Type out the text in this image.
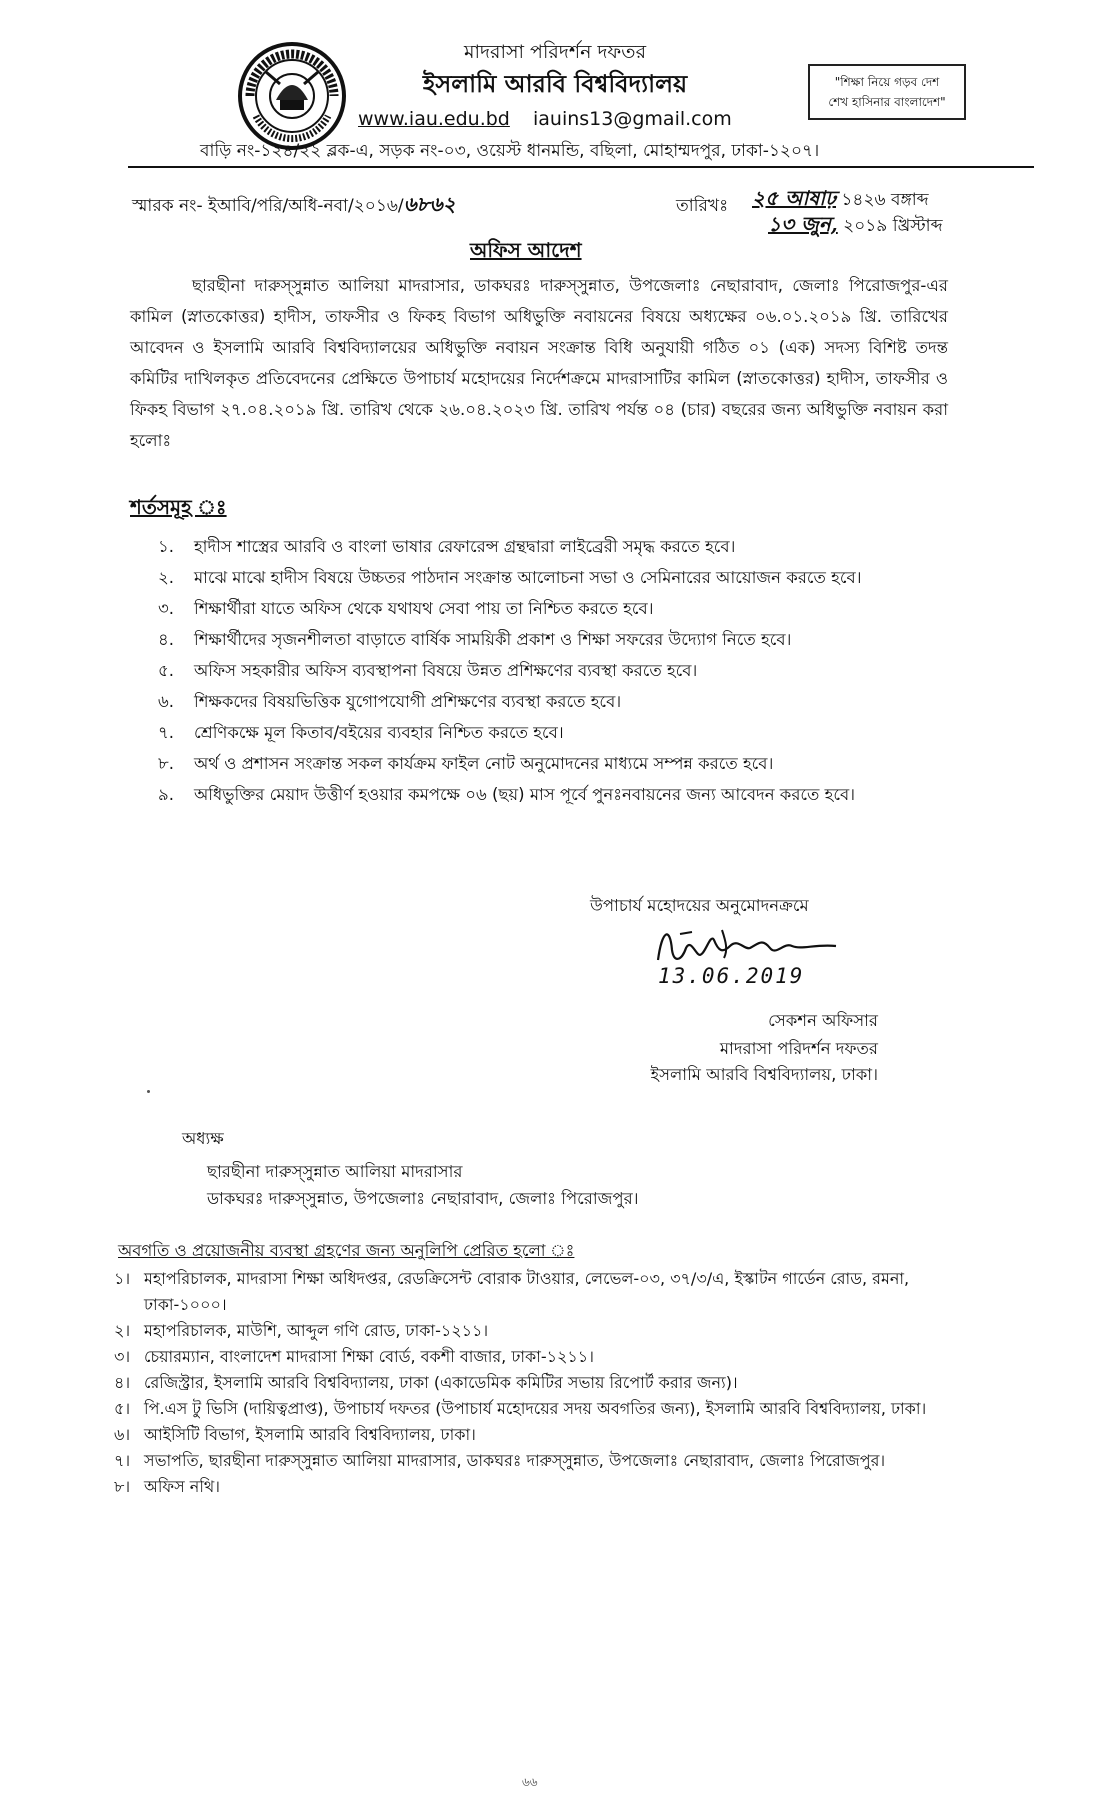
মাদরাসা পরিদর্শন দফতর
ইসলামি আরবি বিশ্ববিদ্যালয়
www.iau.edu.bd iauins13@gmail.com
বাড়ি নং-১২৪/২২ ব্লক-এ, সড়ক নং-০৩, ওয়েস্ট ধানমন্ডি, বছিলা, মোহাম্মদপুর, ঢাকা-১২০৭।
"শিক্ষা নিয়ে গড়ব দেশ
শেখ হাসিনার বাংলাদেশ"
স্মারক নং- ইআবি/পরি/অধি-নবা/২০১৬/৬৮৬২	তারিখঃ ২৫ আষাঢ় ১৪২৬ বঙ্গাব্দ
১৩ জুন, ২০১৯ খ্রিস্টাব্দ
অফিস আদেশ
ছারছীনা দারুস্সুন্নাত আলিয়া মাদরাসার, ডাকঘরঃ দারুস্সুন্নাত, উপজেলাঃ নেছারাবাদ, জেলাঃ পিরোজপুর-এর কামিল (স্নাতকোত্তর) হাদীস, তাফসীর ও ফিকহ বিভাগ অধিভুক্তি নবায়নের বিষয়ে অধ্যক্ষের ০৬.০১.২০১৯ খ্রি. তারিখের আবেদন ও ইসলামি আরবি বিশ্ববিদ্যালয়ের অধিভুক্তি নবায়ন সংক্রান্ত বিধি অনুযায়ী গঠিত ০১ (এক) সদস্য বিশিষ্ট তদন্ত কমিটির দাখিলকৃত প্রতিবেদনের প্রেক্ষিতে উপাচার্য মহোদয়ের নির্দেশক্রমে মাদরাসাটির কামিল (স্নাতকোত্তর) হাদীস, তাফসীর ও ফিকহ বিভাগ ২৭.০৪.২০১৯ খ্রি. তারিখ থেকে ২৬.০৪.২০২৩ খ্রি. তারিখ পর্যন্ত ০৪ (চার) বছরের জন্য অধিভুক্তি নবায়ন করা হলোঃ
শর্তসমূহ ঃ
১. হাদীস শাস্ত্রের আরবি ও বাংলা ভাষার রেফারেন্স গ্রন্থদ্বারা লাইব্রেরী সমৃদ্ধ করতে হবে।
২. মাঝে মাঝে হাদীস বিষয়ে উচ্চতর পাঠদান সংক্রান্ত আলোচনা সভা ও সেমিনারের আয়োজন করতে হবে।
৩. শিক্ষার্থীরা যাতে অফিস থেকে যথাযথ সেবা পায় তা নিশ্চিত করতে হবে।
৪. শিক্ষার্থীদের সৃজনশীলতা বাড়াতে বার্ষিক সাময়িকী প্রকাশ ও শিক্ষা সফরের উদ্যোগ নিতে হবে।
৫. অফিস সহকারীর অফিস ব্যবস্থাপনা বিষয়ে উন্নত প্রশিক্ষণের ব্যবস্থা করতে হবে।
৬. শিক্ষকদের বিষয়ভিত্তিক যুগোপযোগী প্রশিক্ষণের ব্যবস্থা করতে হবে।
৭. শ্রেণিকক্ষে মূল কিতাব/বইয়ের ব্যবহার নিশ্চিত করতে হবে।
৮. অর্থ ও প্রশাসন সংক্রান্ত সকল কার্যক্রম ফাইল নোট অনুমোদনের মাধ্যমে সম্পন্ন করতে হবে।
৯. অধিভুক্তির মেয়াদ উত্তীর্ণ হওয়ার কমপক্ষে ০৬ (ছয়) মাস পূর্বে পুনঃনবায়নের জন্য আবেদন করতে হবে।
উপাচার্য মহোদয়ের অনুমোদনক্রমে
13.06.2019
সেকশন অফিসার
মাদরাসা পরিদর্শন দফতর
ইসলামি আরবি বিশ্ববিদ্যালয়, ঢাকা।
অধ্যক্ষ
ছারছীনা দারুস্সুন্নাত আলিয়া মাদরাসার
ডাকঘরঃ দারুস্সুন্নাত, উপজেলাঃ নেছারাবাদ, জেলাঃ পিরোজপুর।
অবগতি ও প্রয়োজনীয় ব্যবস্থা গ্রহণের জন্য অনুলিপি প্রেরিত হলো ঃ
১। মহাপরিচালক, মাদরাসা শিক্ষা অধিদপ্তর, রেডক্রিসেন্ট বোরাক টাওয়ার, লেভেল-০৩, ৩৭/৩/এ, ইস্কাটন গার্ডেন রোড, রমনা, ঢাকা-১০০০।
২। মহাপরিচালক, মাউশি, আব্দুল গণি রোড, ঢাকা-১২১১।
৩। চেয়ারম্যান, বাংলাদেশ মাদরাসা শিক্ষা বোর্ড, বকশী বাজার, ঢাকা-১২১১।
৪। রেজিস্ট্রার, ইসলামি আরবি বিশ্ববিদ্যালয়, ঢাকা (একাডেমিক কমিটির সভায় রিপোর্ট করার জন্য)।
৫। পি.এস টু ভিসি (দায়িত্বপ্রাপ্ত), উপাচার্য দফতর (উপাচার্য মহোদয়ের সদয় অবগতির জন্য), ইসলামি আরবি বিশ্ববিদ্যালয়, ঢাকা।
৬। আইসিটি বিভাগ, ইসলামি আরবি বিশ্ববিদ্যালয়, ঢাকা।
৭। সভাপতি, ছারছীনা দারুস্সুন্নাত আলিয়া মাদরাসার, ডাকঘরঃ দারুস্সুন্নাত, উপজেলাঃ নেছারাবাদ, জেলাঃ পিরোজপুর।
৮। অফিস নথি।
৬৬
